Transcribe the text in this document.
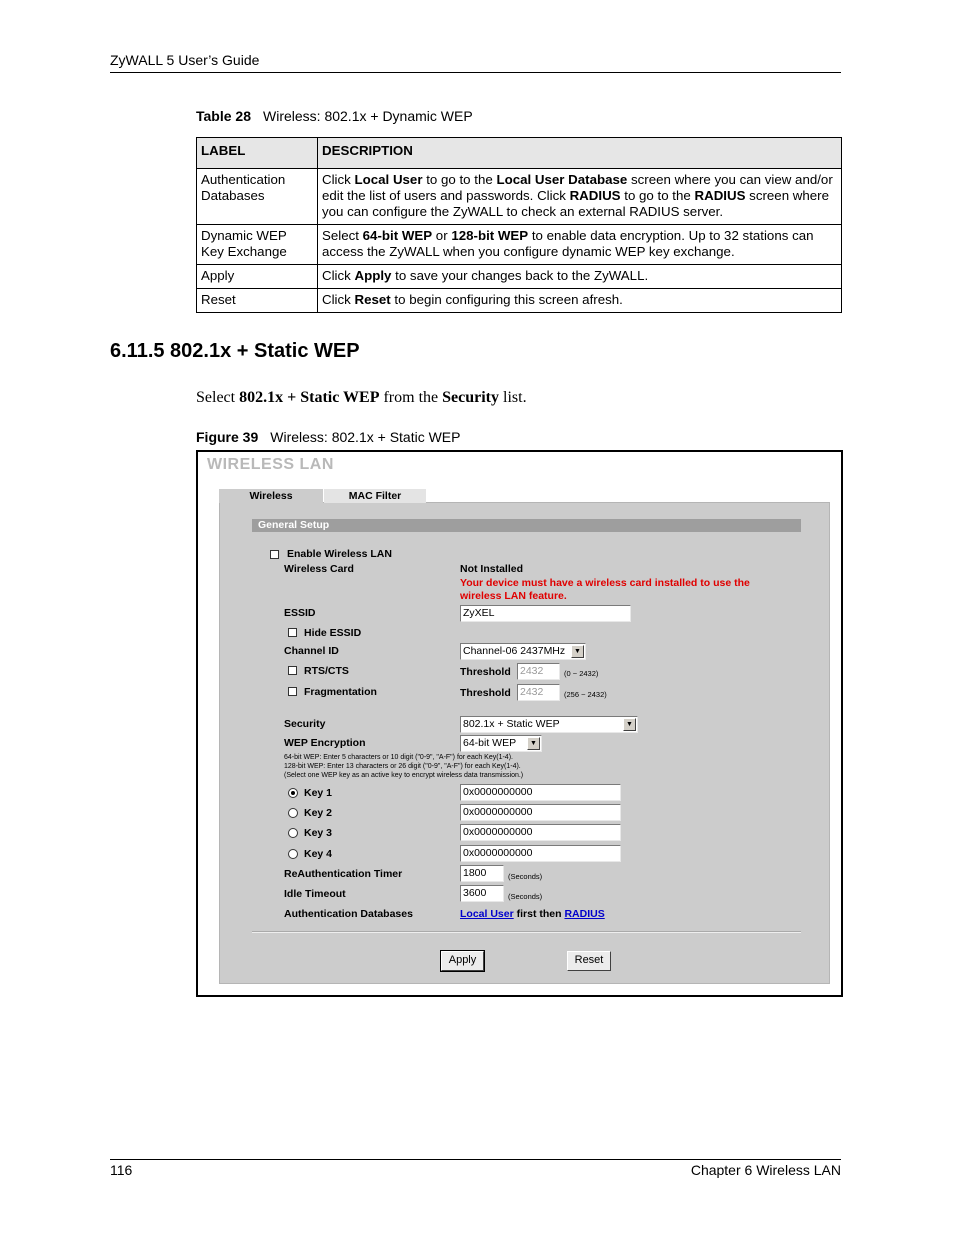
ZyWALL 5 User’s Guide
Table 28 Wireless: 802.1x + Dynamic WEP
LABEL	DESCRIPTION
Authentication Databases	Click Local User to go to the Local User Database screen where you can view and/or edit the list of users and passwords. Click RADIUS to go to the RADIUS screen where you can configure the ZyWALL to check an external RADIUS server.
Dynamic WEP Key Exchange	Select 64-bit WEP or 128-bit WEP to enable data encryption. Up to 32 stations can access the ZyWALL when you configure dynamic WEP key exchange.
Apply	Click Apply to save your changes back to the ZyWALL.
Reset	Click Reset to begin configuring this screen afresh.
6.11.5 802.1x + Static WEP
Select 802.1x + Static WEP from the Security list.
Figure 39 Wireless: 802.1x + Static WEP
WIRELESS LAN
Wireless	MAC Filter
General Setup
Enable Wireless LAN
Wireless Card	Not Installed
Your device must have a wireless card installed to use the
wireless LAN feature.
ESSID	ZyXEL
Hide ESSID
Channel ID	Channel-06 2437MHz	▼
RTS/CTS	Threshold 2432	(0 ~ 2432)
Fragmentation	Threshold 2432	(256 ~ 2432)
Security	802.1x + Static WEP	▼
WEP Encryption	64-bit WEP	▼
64-bit WEP: Enter 5 characters or 10 digit ("0-9", "A-F") for each Key(1-4).
128-bit WEP: Enter 13 characters or 26 digit ("0-9", "A-F") for each Key(1-4).
(Select one WEP key as an active key to encrypt wireless data transmission.)
Key 1	0x0000000000
Key 2	0x0000000000
Key 3	0x0000000000
Key 4	0x0000000000
ReAuthentication Timer	1800	(Seconds)
Idle Timeout	3600	(Seconds)
Authentication Databases	Local User first then RADIUS
Apply	Reset
116	Chapter 6 Wireless LAN
